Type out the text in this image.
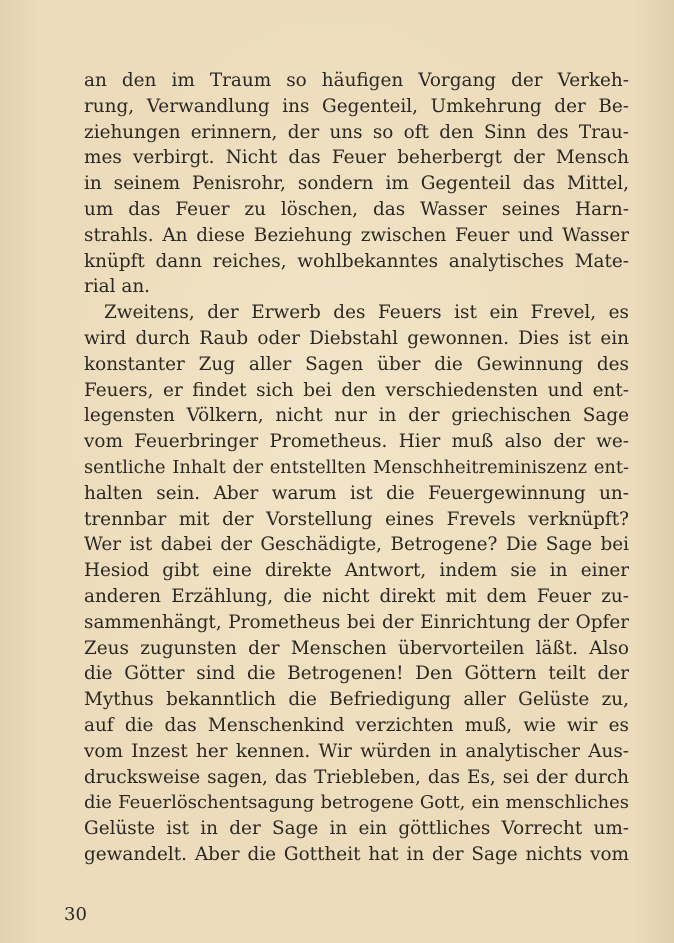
an den im Traum so häufigen Vorgang der Verkeh-
rung, Verwandlung ins Gegenteil, Umkehrung der Be-
ziehungen erinnern, der uns so oft den Sinn des Trau-
mes verbirgt. Nicht das Feuer beherbergt der Mensch
in seinem Penisrohr, sondern im Gegenteil das Mittel,
um das Feuer zu löschen, das Wasser seines Harn-
strahls. An diese Beziehung zwischen Feuer und Wasser
knüpft dann reiches, wohlbekanntes analytisches Mate-
rial an.
Zweitens, der Erwerb des Feuers ist ein Frevel, es
wird durch Raub oder Diebstahl gewonnen. Dies ist ein
konstanter Zug aller Sagen über die Gewinnung des
Feuers, er findet sich bei den verschiedensten und ent-
legensten Völkern, nicht nur in der griechischen Sage
vom Feuerbringer Prometheus. Hier muß also der we-
sentliche Inhalt der entstellten Menschheitreminiszenz ent-
halten sein. Aber warum ist die Feuergewinnung un-
trennbar mit der Vorstellung eines Frevels verknüpft?
Wer ist dabei der Geschädigte, Betrogene? Die Sage bei
Hesiod gibt eine direkte Antwort, indem sie in einer
anderen Erzählung, die nicht direkt mit dem Feuer zu-
sammenhängt, Prometheus bei der Einrichtung der Opfer
Zeus zugunsten der Menschen übervorteilen läßt. Also
die Götter sind die Betrogenen! Den Göttern teilt der
Mythus bekanntlich die Befriedigung aller Gelüste zu,
auf die das Menschenkind verzichten muß, wie wir es
vom Inzest her kennen. Wir würden in analytischer Aus-
drucksweise sagen, das Triebleben, das Es, sei der durch
die Feuerlöschentsagung betrogene Gott, ein menschliches
Gelüste ist in der Sage in ein göttliches Vorrecht um-
gewandelt. Aber die Gottheit hat in der Sage nichts vom
30
